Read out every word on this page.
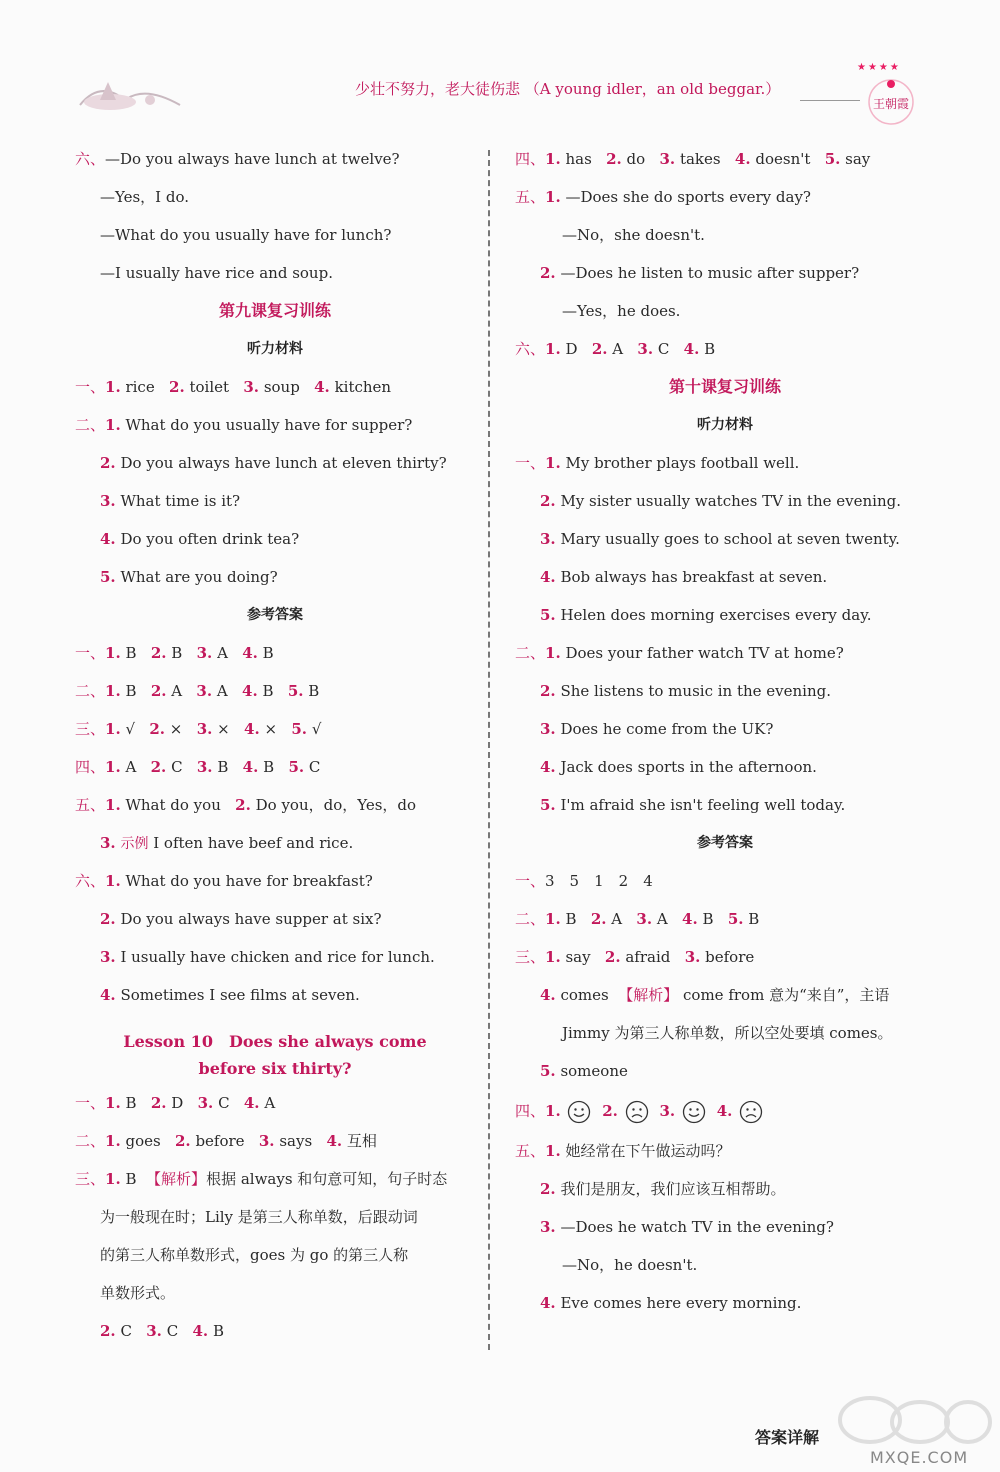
少壮不努力，老大徒伤悲 （A young idler，an old beggar.）
★★★★
王朝霞
六、—Do you always have lunch at twelve?
—Yes，I do.
—What do you usually have for lunch?
—I usually have rice and soup.
第九课复习训练
听力材料
一、1. rice 2. toilet 3. soup 4. kitchen
二、1. What do you usually have for supper?
2. Do you always have lunch at eleven thirty?
3. What time is it?
4. Do you often drink tea?
5. What are you doing?
参考答案
一、1. B 2. B 3. A 4. B
二、1. B 2. A 3. A 4. B 5. B
三、1. √ 2. × 3. × 4. × 5. √
四、1. A 2. C 3. B 4. B 5. C
五、1. What do you 2. Do you，do，Yes，do
3. 示例 I often have beef and rice.
六、1. What do you have for breakfast?
2. Do you always have supper at six?
3. I usually have chicken and rice for lunch.
4. Sometimes I see films at seven.
Lesson 10　Does she always come
before six thirty?
一、1. B 2. D 3. C 4. A
二、1. goes 2. before 3. says 4. 互相
三、1. B 【解析】根据 always 和句意可知，句子时态
为一般现在时；Lily 是第三人称单数，后跟动词
的第三人称单数形式，goes 为 go 的第三人称
单数形式。
2. C 3. C 4. B
四、1. has 2. do 3. takes 4. doesn't 5. say
五、1. —Does she do sports every day?
—No，she doesn't.
2. —Does he listen to music after supper?
—Yes，he does.
六、1. D 2. A 3. C 4. B
第十课复习训练
听力材料
一、1. My brother plays football well.
2. My sister usually watches TV in the evening.
3. Mary usually goes to school at seven twenty.
4. Bob always has breakfast at seven.
5. Helen does morning exercises every day.
二、1. Does your father watch TV at home?
2. She listens to music in the evening.
3. Does he come from the UK?
4. Jack does sports in the afternoon.
5. I'm afraid she isn't feeling well today.
参考答案
一、3　5　1　2　4
二、1. B 2. A 3. A 4. B 5. B
三、1. say 2. afraid 3. before
4. comes 【解析】 come from 意为“来自”，主语
Jimmy 为第三人称单数，所以空处要填 comes。
5. someone
四、1.	2.	3.	4.
五、1. 她经常在下午做运动吗？
2. 我们是朋友，我们应该互相帮助。
3. —Does he watch TV in the evening?
—No，he doesn't.
4. Eve comes here every morning.
答案详解
MXQE.COM
